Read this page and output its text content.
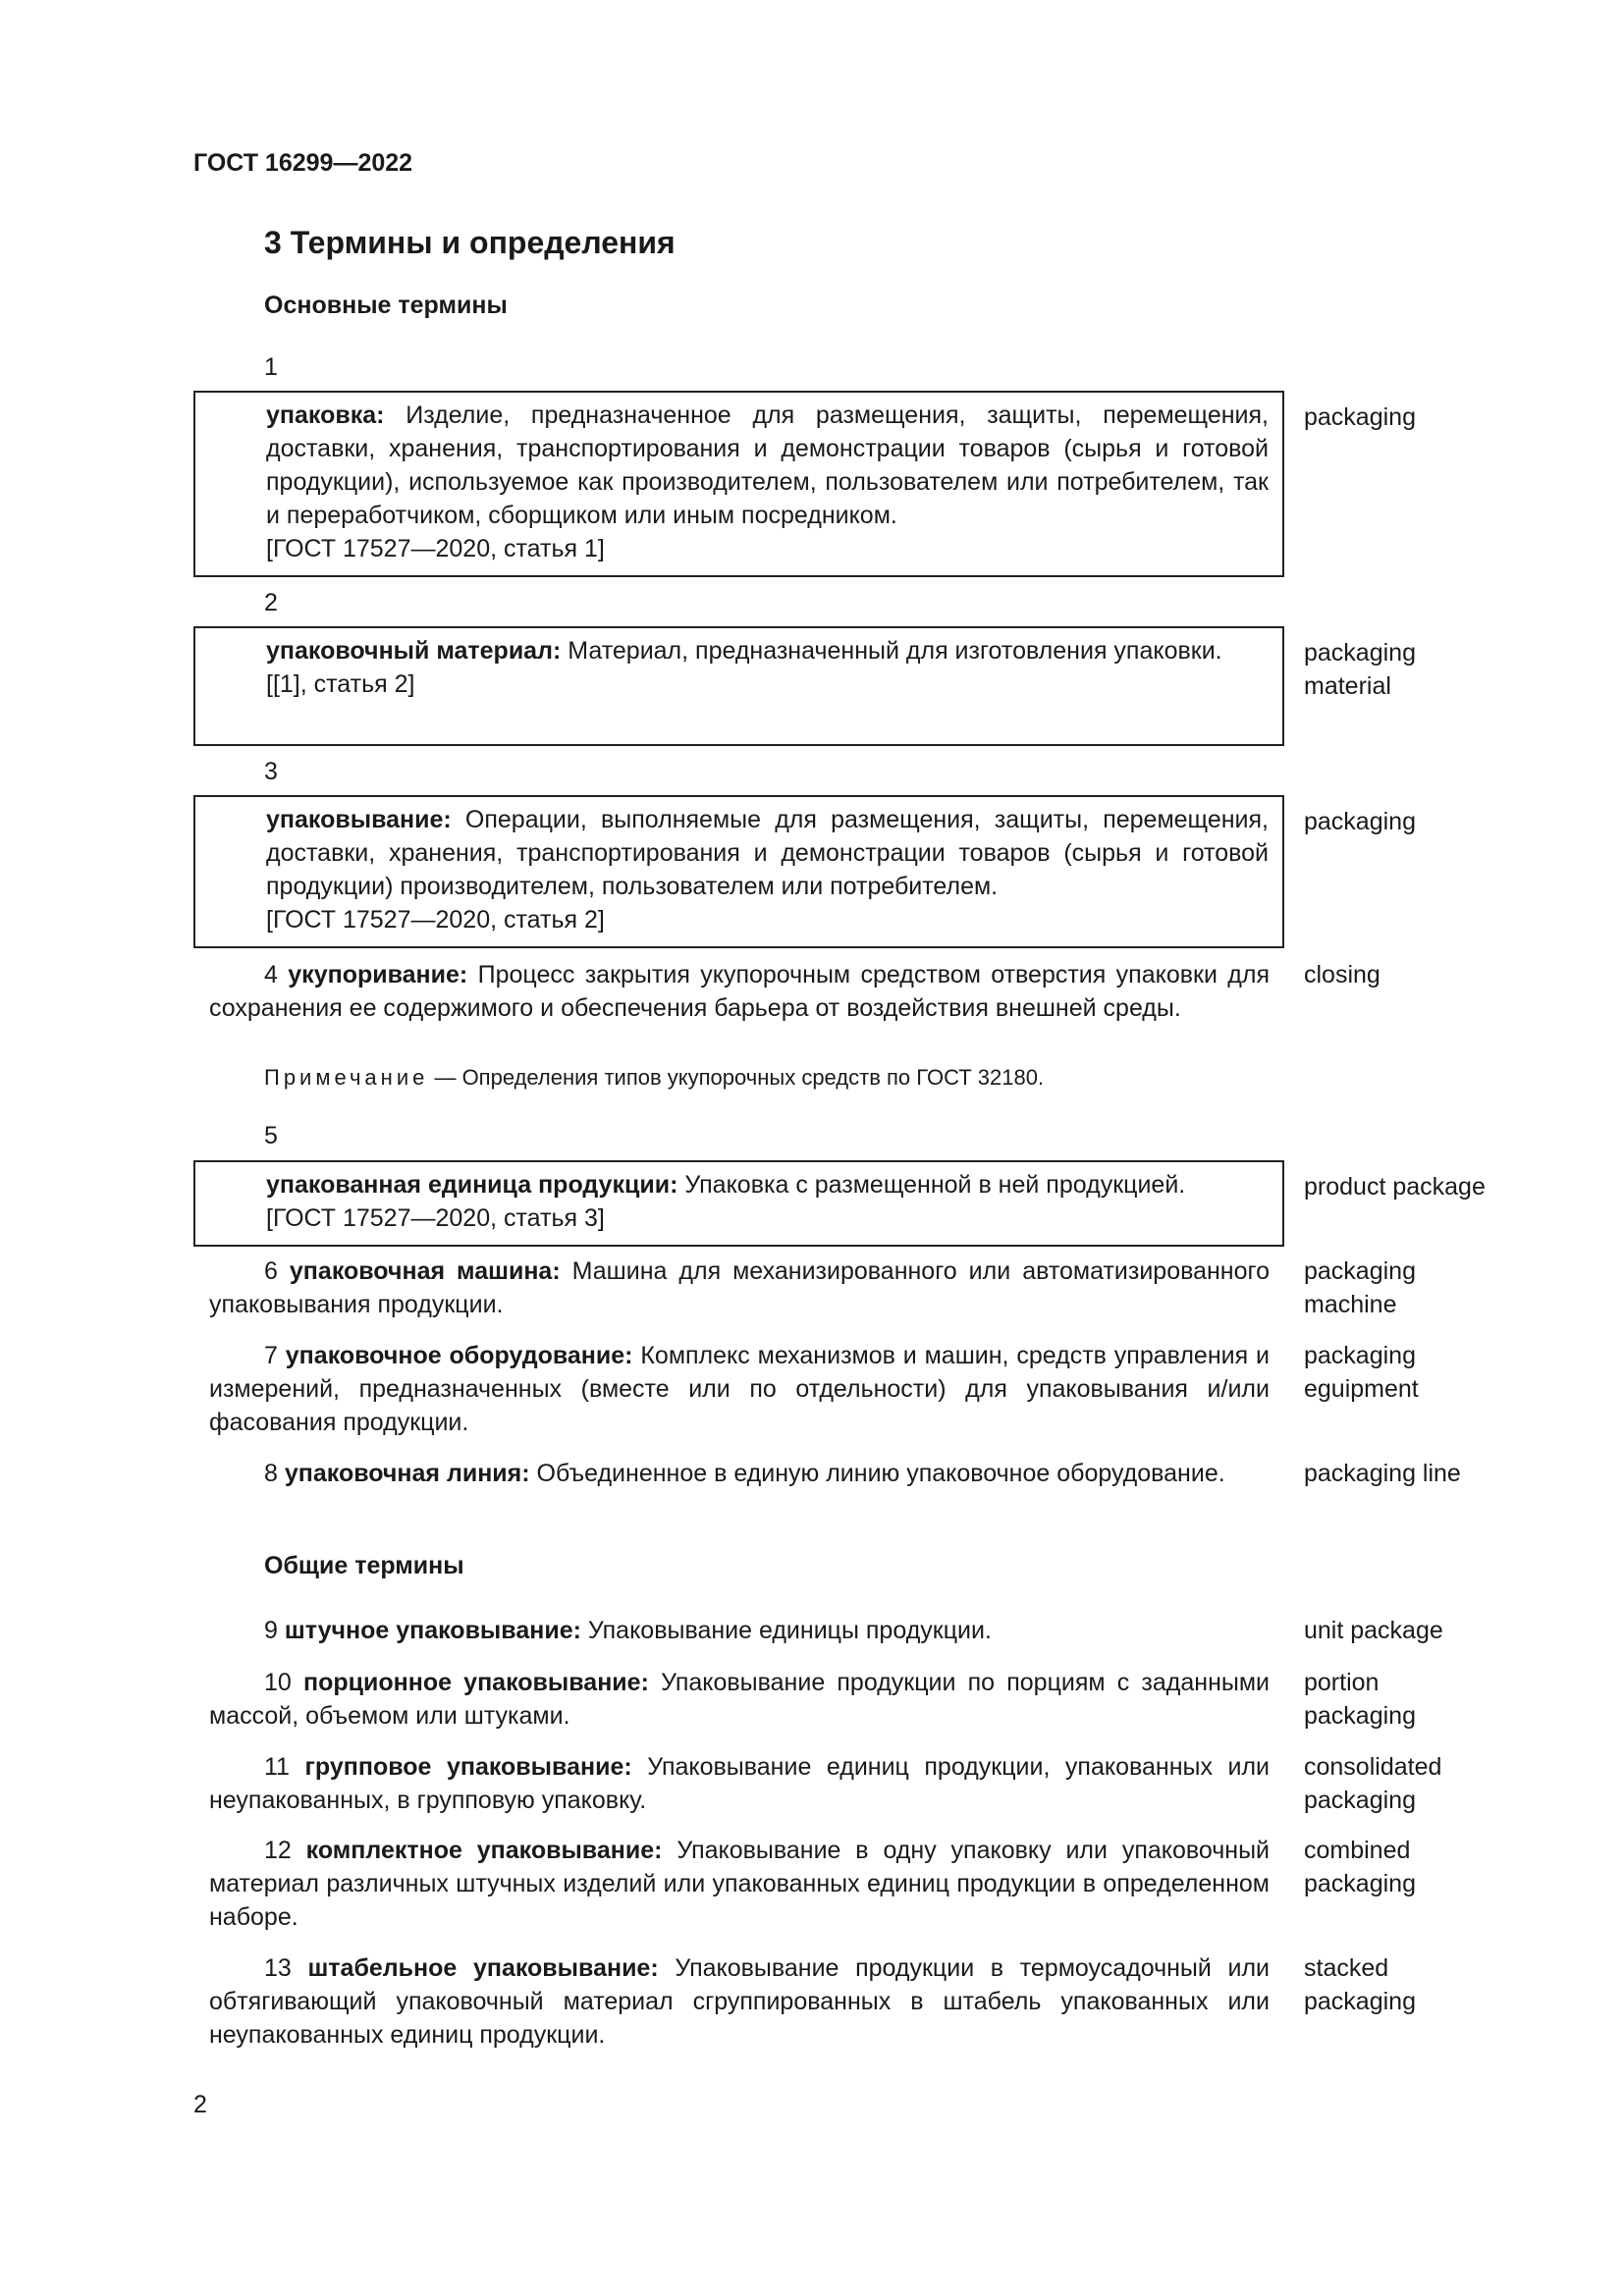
ГОСТ 16299—2022
3 Термины и определения
Основные термины
1

упаковка: Изделие, предназначенное для размещения, защиты, перемещения, доставки, хранения, транспортирования и демонстрации товаров (сырья и готовой продукции), используемое как производителем, пользователем или потребителем, так и переработчиком, сборщиком или иным посредником.

[ГОСТ 17527—2020, статья 1]

packaging
2

упаковочный материал: Материал, предназначенный для изготовления упаковки.

[[1], статья 2]

packaging material
3

упаковывание: Операции, выполняемые для размещения, защиты, перемещения, доставки, хранения, транспортирования и демонстрации товаров (сырья и готовой продукции) производителем, пользователем или потребителем.

[ГОСТ 17527—2020, статья 2]

packaging

4 укупоривание: Процесс закрытия укупорочным средством отверстия упаковки для сохранения ее содержимого и обеспечения барьера от воздействия внешней среды.

closing
Примечание — Определения типов укупорочных средств по ГОСТ 32180.
5

упакованная единица продукции: Упаковка с размещенной в ней продукцией.

[ГОСТ 17527—2020, статья 3]

product package

6 упаковочная машина: Машина для механизированного или автоматизированного упаковывания продукции.

packaging machine

7 упаковочное оборудование: Комплекс механизмов и машин, средств управления и измерений, предназначенных (вместе или по отдельности) для упаковывания и/или фасования продукции.

packaging eguipment

8 упаковочная линия: Объединенное в единую линию упаковочное оборудование.	packaging line
Общие термины

9 штучное упаковывание: Упаковывание единицы продукции.	unit package

10 порционное упаковывание: Упаковывание продукции по порциям с заданными массой, объемом или штуками.

portion packaging

11 групповое упаковывание: Упаковывание единиц продукции, упакованных или неупакованных, в групповую упаковку.

consolidated packaging

12 комплектное упаковывание: Упаковывание в одну упаковку или упаковочный материал различных штучных изделий или упакованных единиц продукции в определенном наборе.

combined packaging

13 штабельное упаковывание: Упаковывание продукции в термоусадочный или обтягивающий упаковочный материал сгруппированных в штабель упакованных или неупакованных единиц продукции.

stacked packaging
2
